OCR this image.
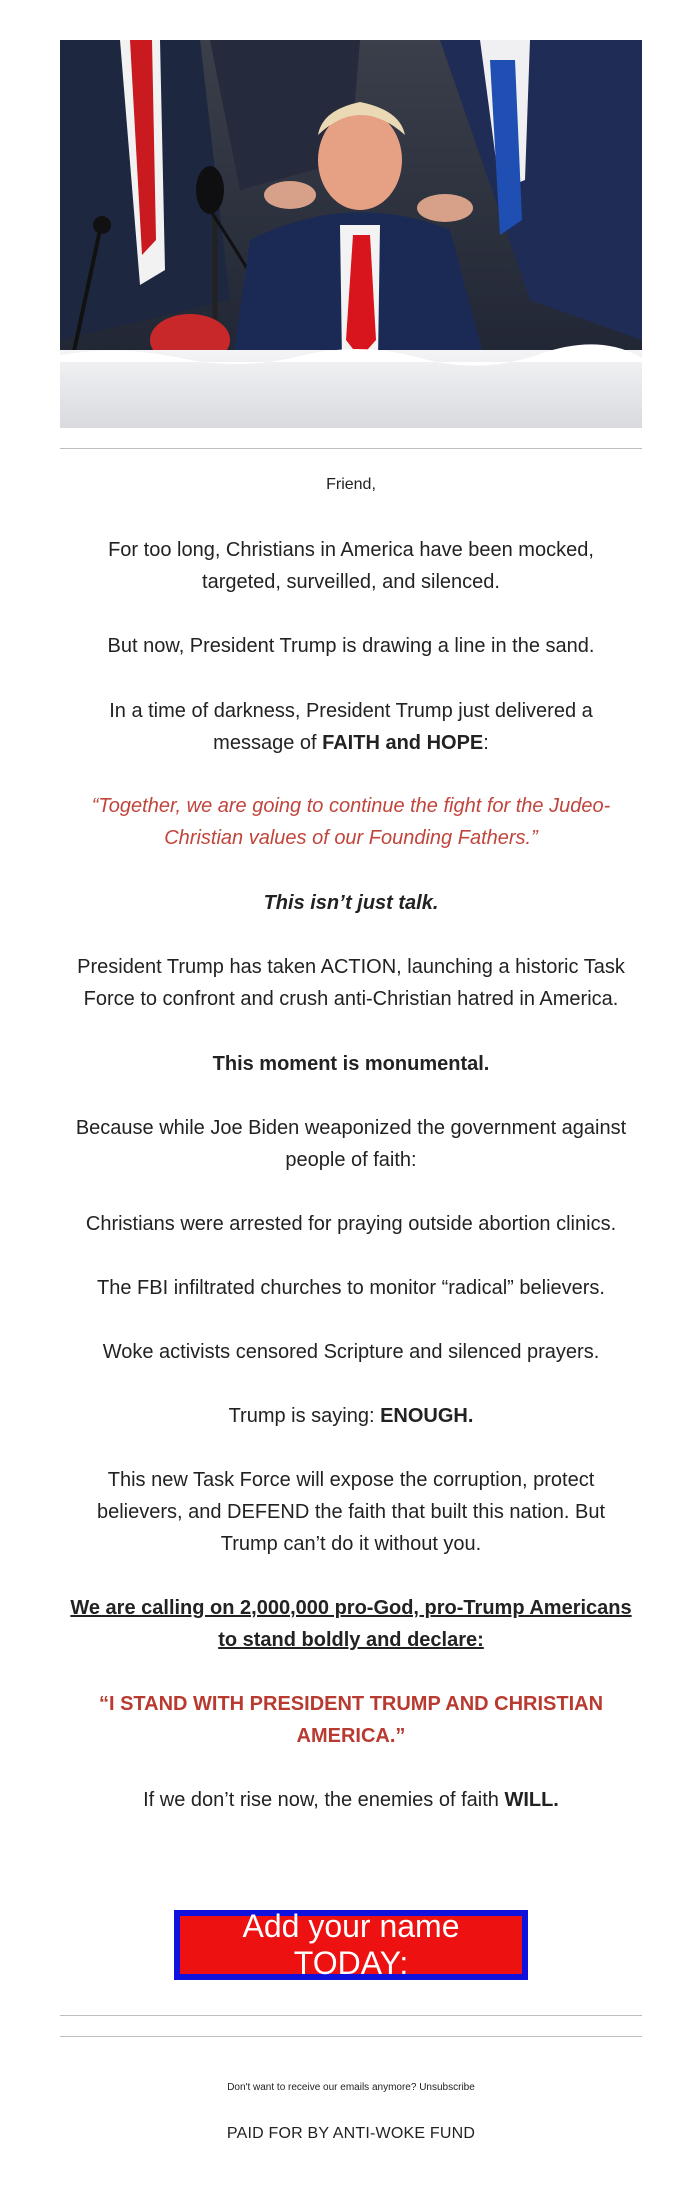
Friend,
For too long, Christians in America have been mocked, targeted, surveilled, and silenced.
But now, President Trump is drawing a line in the sand.
In a time of darkness, President Trump just delivered a message of FAITH and HOPE:
“Together, we are going to continue the fight for the Judeo-Christian values of our Founding Fathers.”
This isn’t just talk.
President Trump has taken ACTION, launching a historic Task Force to confront and crush anti-Christian hatred in America.
This moment is monumental.
Because while Joe Biden weaponized the government against people of faith:
Christians were arrested for praying outside abortion clinics.
The FBI infiltrated churches to monitor “radical” believers.
Woke activists censored Scripture and silenced prayers.
Trump is saying: ENOUGH.
This new Task Force will expose the corruption, protect believers, and DEFEND the faith that built this nation. But Trump can’t do it without you.
We are calling on 2,000,000 pro-God, pro-Trump Americans to stand boldly and declare:
“I STAND WITH PRESIDENT TRUMP AND CHRISTIAN AMERICA.”
If we don’t rise now, the enemies of faith WILL.
Add your name TODAY:
Don't want to receive our emails anymore? Unsubscribe
PAID FOR BY ANTI-WOKE FUND
